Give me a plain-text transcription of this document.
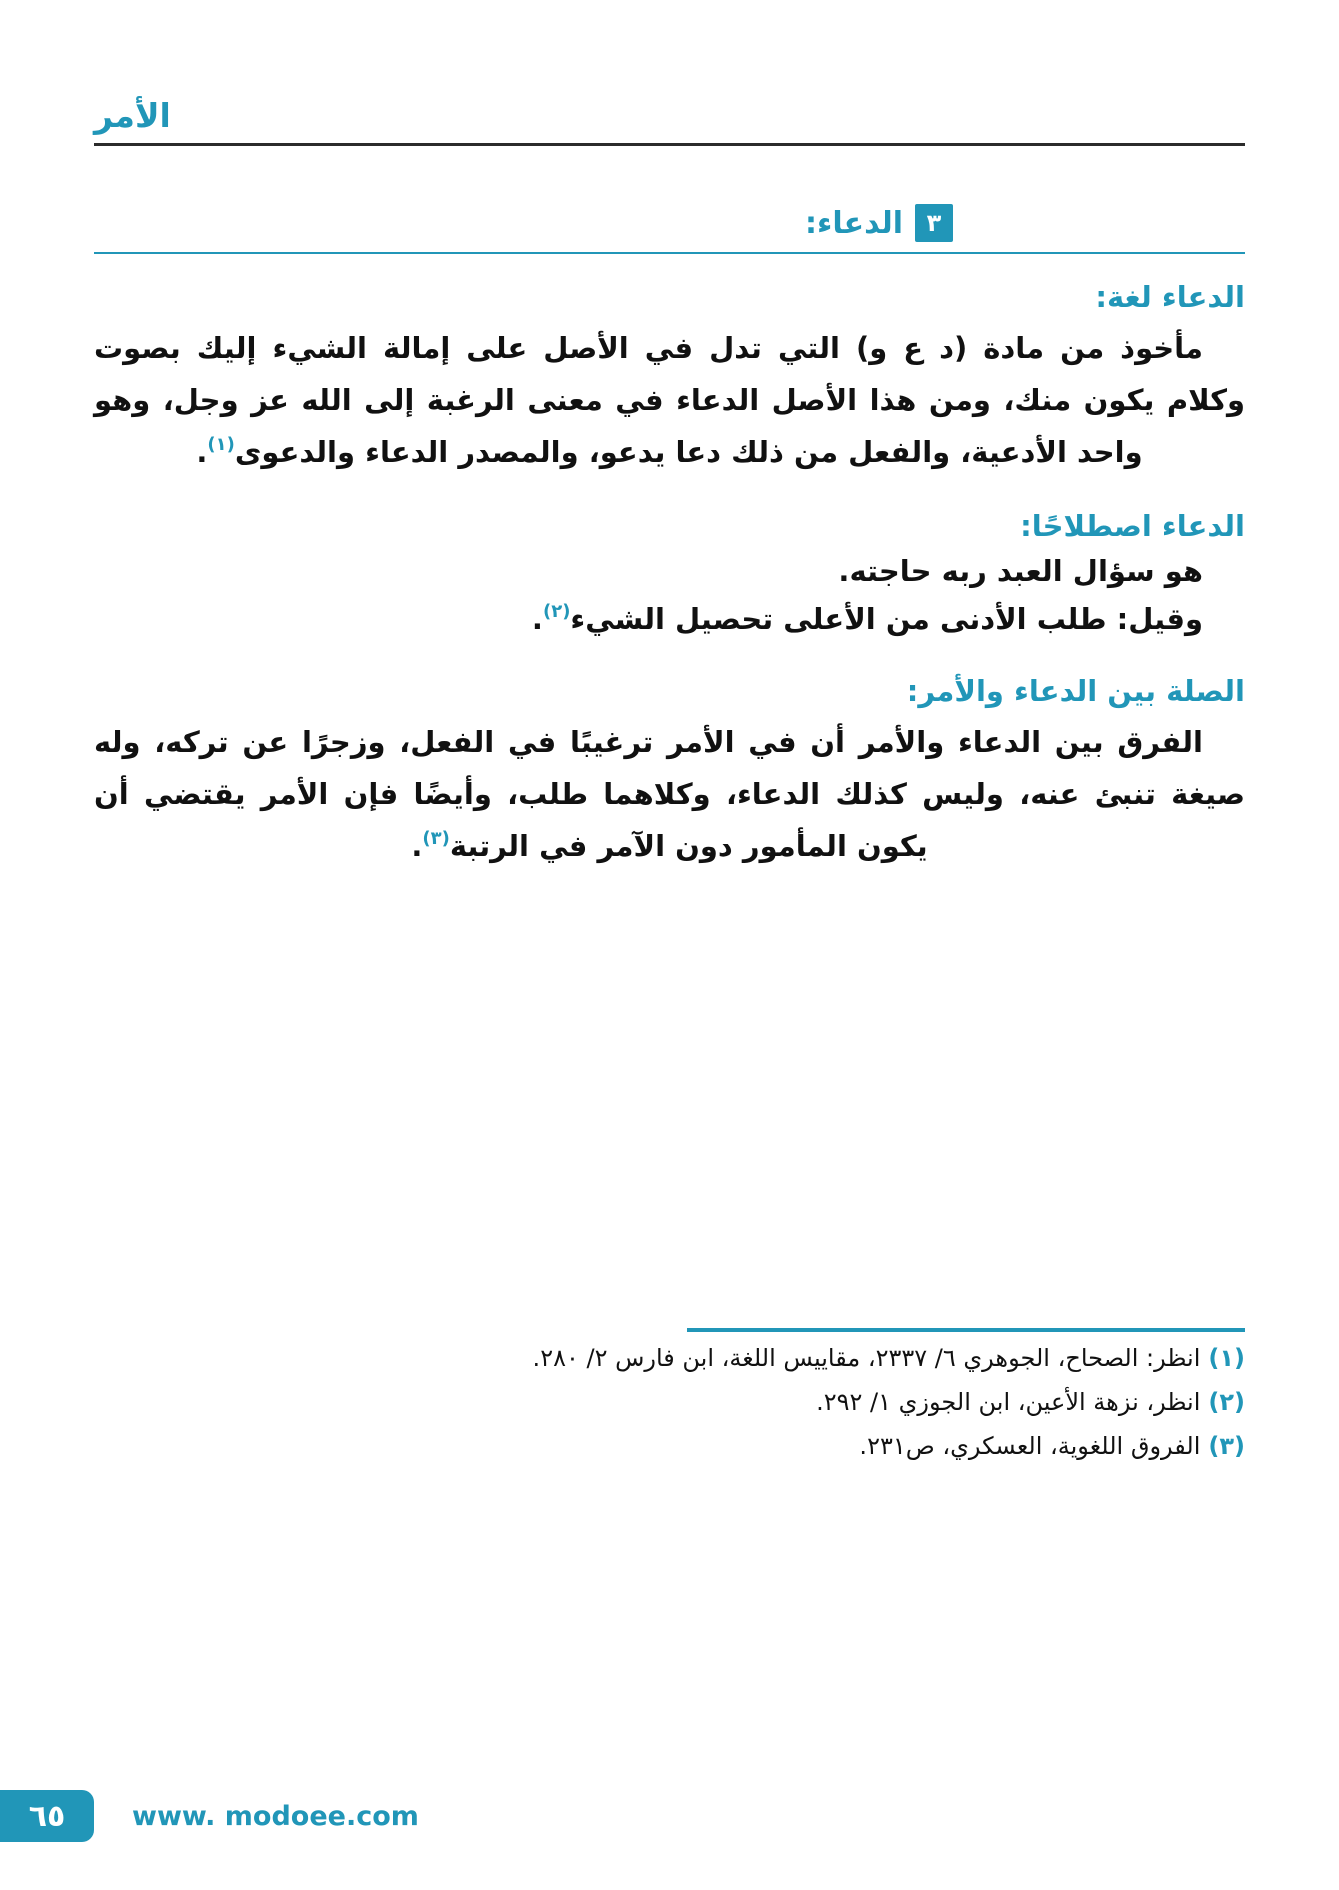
الأمر
٣
الدعاء:
الدعاء لغة:

مأخوذ من مادة (د ع و) التي تدل في الأصل على إمالة الشيء إليك بصوت وكلام يكون منك، ومن هذا الأصل الدعاء في معنى الرغبة إلى الله عز وجل، وهو واحد الأدعية، والفعل من ذلك دعا يدعو، والمصدر الدعاء والدعوى$^{(١)}$.

الدعاء اصطلاحًا:

هو سؤال العبد ربه حاجته.

وقيل: طلب الأدنى من الأعلى تحصيل الشيء$^{(٢)}$.

الصلة بين الدعاء والأمر:

الفرق بين الدعاء والأمر أن في الأمر ترغيبًا في الفعل، وزجرًا عن تركه، وله صيغة تنبئ عنه، وليس كذلك الدعاء، وكلاهما طلب، وأيضًا فإن الأمر يقتضي أن يكون المأمور دون الآمر في الرتبة$^{(٣)}$.

(١)انظر: الصحاح، الجوهري ٦/ ٢٣٣٧، مقاييس اللغة، ابن فارس ٢/ ٢٨٠.
(٢)انظر، نزهة الأعين، ابن الجوزي ١/ ٢٩٢.
(٣)الفروق اللغوية، العسكري، ص٢٣١.
٦٥ www. modoee.com
